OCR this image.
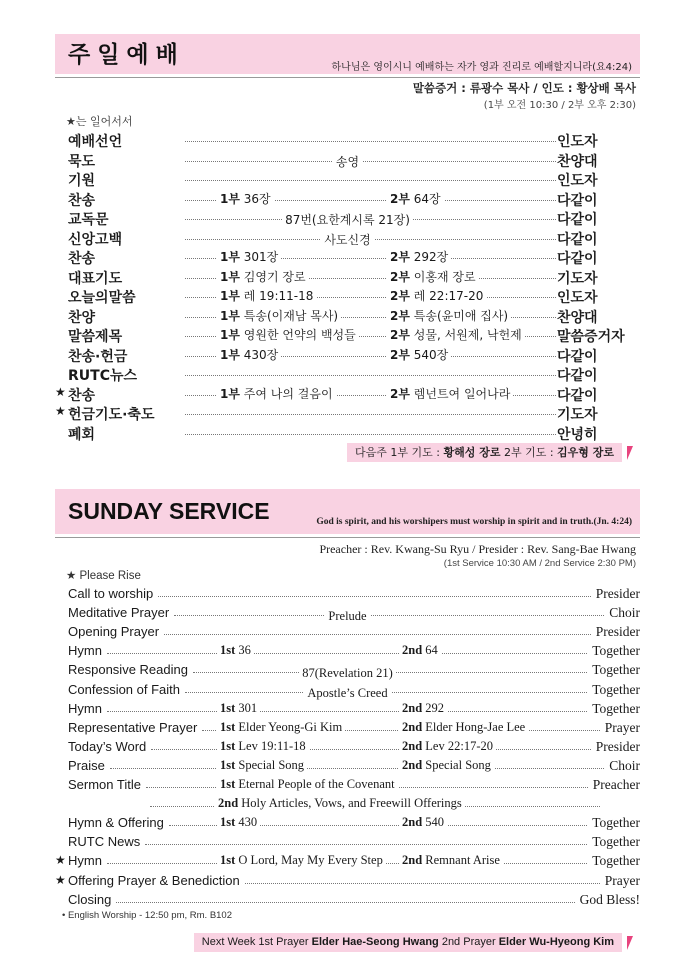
주일예배	하나님은 영이시니 예배하는 자가 영과 진리로 예배할지니라(요4:24)
말씀증거 : 류광수 목사 / 인도 : 황상배 목사
(1부 오전 10:30 / 2부 오후 2:30)
★는 일어서서
예배선언	인도자
묵도	송영	찬양대
기원	인도자
찬송	1부 36장	2부 64장	다같이
교독문	87번(요한계시록 21장)	다같이
신앙고백	사도신경	다같이
찬송	1부 301장	2부 292장	다같이
대표기도	1부 김영기 장로	2부 이홍재 장로	기도자
오늘의말씀	1부 레 19:11-18	2부 레 22:17-20	인도자
찬양	1부 특송(이재남 목사)	2부 특송(윤미애 집사)	찬양대
말씀제목	1부 영원한 언약의 백성들	2부 성물, 서원제, 낙헌제	말씀증거자
찬송·헌금	1부 430장	2부 540장	다같이
RUTC뉴스	다같이
★ 찬송	1부 주여 나의 걸음이	2부 렘넌트여 일어나라	다같이
★ 헌금기도·축도	기도자
폐회	안녕히
다음주 1부 기도 : 황해성 장로 2부 기도 : 김우형 장로
SUNDAY SERVICE	God is spirit, and his worshipers must worship in spirit and in truth.(Jn. 4:24)
Preacher : Rev. Kwang-Su Ryu / Presider : Rev. Sang-Bae Hwang
(1st Service 10:30 AM / 2nd Service 2:30 PM)
★ Please Rise
Call to worship	Presider
Meditative Prayer	Prelude	Choir
Opening Prayer	Presider
Hymn	1st 36	2nd 64	Together
Responsive Reading	87(Revelation 21)	Together
Confession of Faith	Apostle’s Creed	Together
Hymn	1st 301	2nd 292	Together
Representative Prayer 1st Elder Yeong-Gi Kim	2nd Elder Hong-Jae Lee	Prayer
Today’s Word	1st Lev 19:11-18	2nd Lev 22:17-20	Presider
Praise	1st Special Song	2nd Special Song	Choir
Sermon Title	1st Eternal People of the Covenant	Preacher
2nd Holy Articles, Vows, and Freewill Offerings
Hymn & Offering	1st 430	2nd 540	Together
RUTC News	Together
★ Hymn	1st O Lord, May My Every Step 2nd Remnant Arise	Together
★ Offering Prayer & Benediction	Prayer
Closing	God Bless!
• English Worship - 12:50 pm, Rm. B102
Next Week 1st Prayer Elder Hae-Seong Hwang 2nd Prayer Elder Wu-Hyeong Kim
